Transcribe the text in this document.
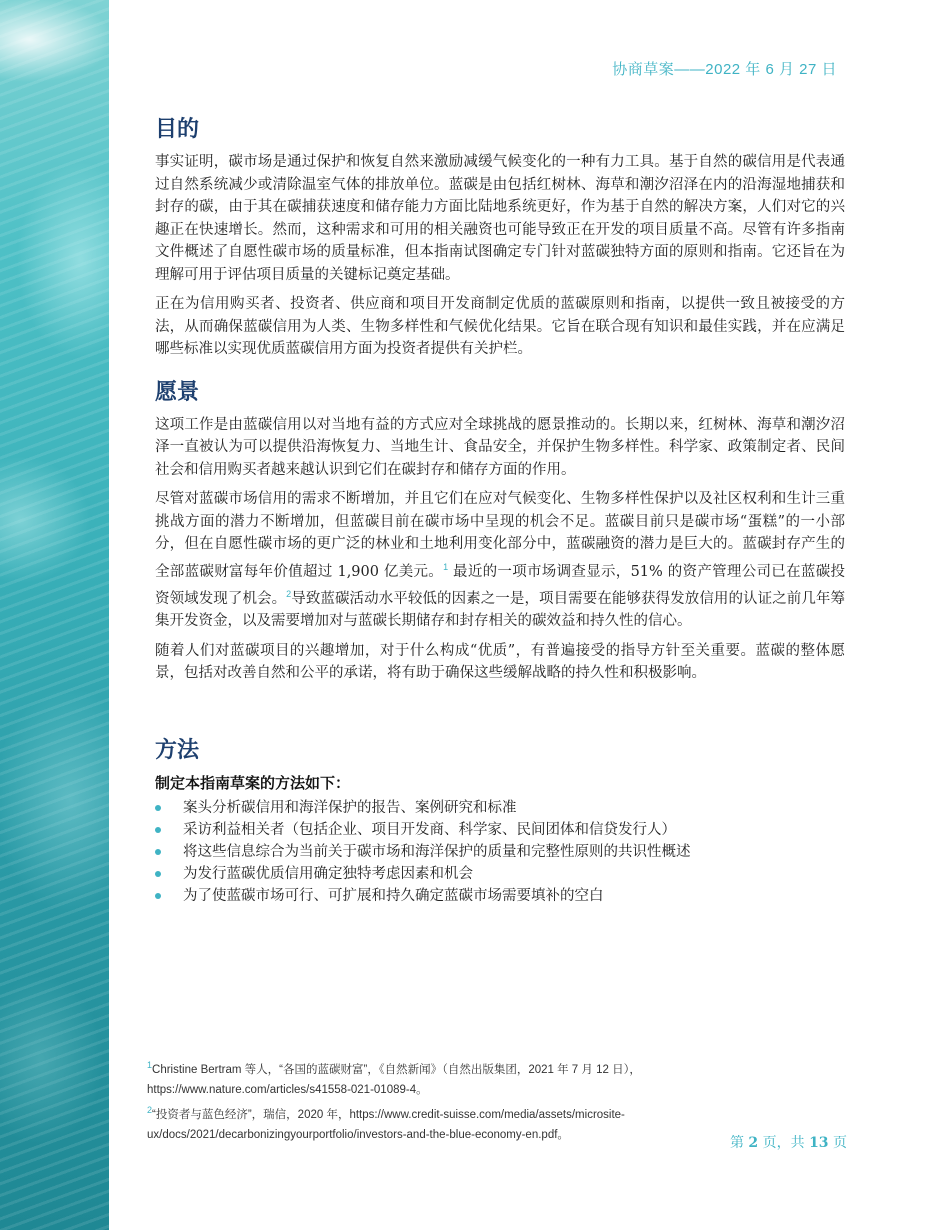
协商草案——2022 年 6 月 27 日
目的

事实证明，碳市场是通过保护和恢复自然来激励减缓气候变化的一种有力工具。基于自然的碳信用是代表通过自然系统减少或清除温室气体的排放单位。蓝碳是由包括红树林、海草和潮汐沼泽在内的沿海湿地捕获和封存的碳，由于其在碳捕获速度和储存能力方面比陆地系统更好，作为基于自然的解决方案，人们对它的兴趣正在快速增长。然而，这种需求和可用的相关融资也可能导致正在开发的项目质量不高。尽管有许多指南文件概述了自愿性碳市场的质量标准，但本指南试图确定专门针对蓝碳独特方面的原则和指南。它还旨在为理解可用于评估项目质量的关键标记奠定基础。

正在为信用购买者、投资者、供应商和项目开发商制定优质的蓝碳原则和指南，以提供一致且被接受的方法，从而确保蓝碳信用为人类、生物多样性和气候优化结果。它旨在联合现有知识和最佳实践，并在应满足哪些标准以实现优质蓝碳信用方面为投资者提供有关护栏。

愿景

这项工作是由蓝碳信用以对当地有益的方式应对全球挑战的愿景推动的。长期以来，红树林、海草和潮汐沼泽一直被认为可以提供沿海恢复力、当地生计、食品安全，并保护生物多样性。科学家、政策制定者、民间社会和信用购买者越来越认识到它们在碳封存和储存方面的作用。

尽管对蓝碳市场信用的需求不断增加，并且它们在应对气候变化、生物多样性保护以及社区权利和生计三重挑战方面的潜力不断增加，但蓝碳目前在碳市场中呈现的机会不足。蓝碳目前只是碳市场“蛋糕”的一小部分，但在自愿性碳市场的更广泛的林业和土地利用变化部分中，蓝碳融资的潜力是巨大的。蓝碳封存产生的全部蓝碳财富每年价值超过 1,900 亿美元。$^1$ 最近的一项市场调查显示，51% 的资产管理公司已在蓝碳投资领域发现了机会。$^2$导致蓝碳活动水平较低的因素之一是，项目需要在能够获得发放信用的认证之前几年筹集开发资金，以及需要增加对与蓝碳长期储存和封存相关的碳效益和持久性的信心。

随着人们对蓝碳项目的兴趣增加，对于什么构成“优质”，有普遍接受的指导方针至关重要。蓝碳的整体愿景，包括对改善自然和公平的承诺，将有助于确保这些缓解战略的持久性和积极影响。

方法
制定本指南草案的方法如下：
案头分析碳信用和海洋保护的报告、案例研究和标准
采访利益相关者（包括企业、项目开发商、科学家、民间团体和信贷发行人）
将这些信息综合为当前关于碳市场和海洋保护的质量和完整性原则的共识性概述
为发行蓝碳优质信用确定独特考虑因素和机会
为了使蓝碳市场可行、可扩展和持久确定蓝碳市场需要填补的空白
$^1$Christine Bertram 等人，“各国的蓝碳财富”，《自然新闻》（自然出版集团，2021 年 7 月 12 日），
https://www.nature.com/articles/s41558-021-01089-4。
$^2$“投资者与蓝色经济”，瑞信，2020 年，https://www.credit-suisse.com/media/assets/microsite-
ux/docs/2021/decarbonizingyourportfolio/investors-and-the-blue-economy-en.pdf。
第 2 页，共 13 页
